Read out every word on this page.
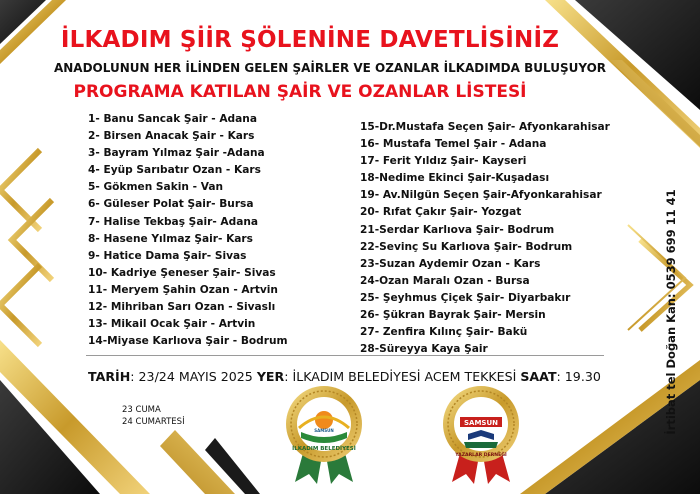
İLKADIM ŞİİR ŞÖLENİNE DAVETLİSİNİZ
ANADOLUNUN HER İLİNDEN GELEN ŞAİRLER VE OZANLAR İLKADIMDA BULUŞUYOR
PROGRAMA KATILAN ŞAİR VE OZANLAR LİSTESİ
1- Banu Sancak Şair - Adana
2- Birsen Anacak Şair - Kars
3- Bayram Yılmaz Şair -Adana
4- Eyüp Sarıbatır Ozan - Kars
5- Gökmen Sakin - Van
6- Güleser Polat Şair- Bursa
7- Halise Tekbaş Şair- Adana
8- Hasene Yılmaz Şair- Kars
9- Hatice Dama Şair- Sivas
10- Kadriye Şeneser Şair- Sivas
11- Meryem Şahin Ozan - Artvin
12- Mihriban Sarı Ozan - Sivaslı
13- Mikail Ocak Şair - Artvin
14-Miyase Karlıova Şair - Bodrum
15-Dr.Mustafa Seçen Şair- Afyonkarahisar
16- Mustafa Temel Şair - Adana
17- Ferit Yıldız Şair- Kayseri
18-Nedime Ekinci Şair-Kuşadası
19- Av.Nilgün Seçen Şair-Afyonkarahisar
20- Rıfat Çakır Şair- Yozgat
21-Serdar Karlıova Şair- Bodrum
22-Sevinç Su Karlıova Şair- Bodrum
23-Suzan Aydemir Ozan - Kars
24-Ozan Maralı Ozan - Bursa
25- Şeyhmus Çiçek Şair- Diyarbakır
26- Şükran Bayrak Şair- Mersin
27- Zenfira Kılınç Şair- Bakü
28-Süreyya Kaya Şair
TARİH: 23/24 MAYIS 2025 YER: İLKADIM BELEDİYESİ ACEM TEKKESİ SAAT: 19.30
23 CUMA
24 CUMARTESİ	İrtibat tel Doğan Kan: 0539 699 11 41
SAMSUN
İLKADIM BELEDİYESİ
SAMSUN
YAZARLAR DERNEĞİ
